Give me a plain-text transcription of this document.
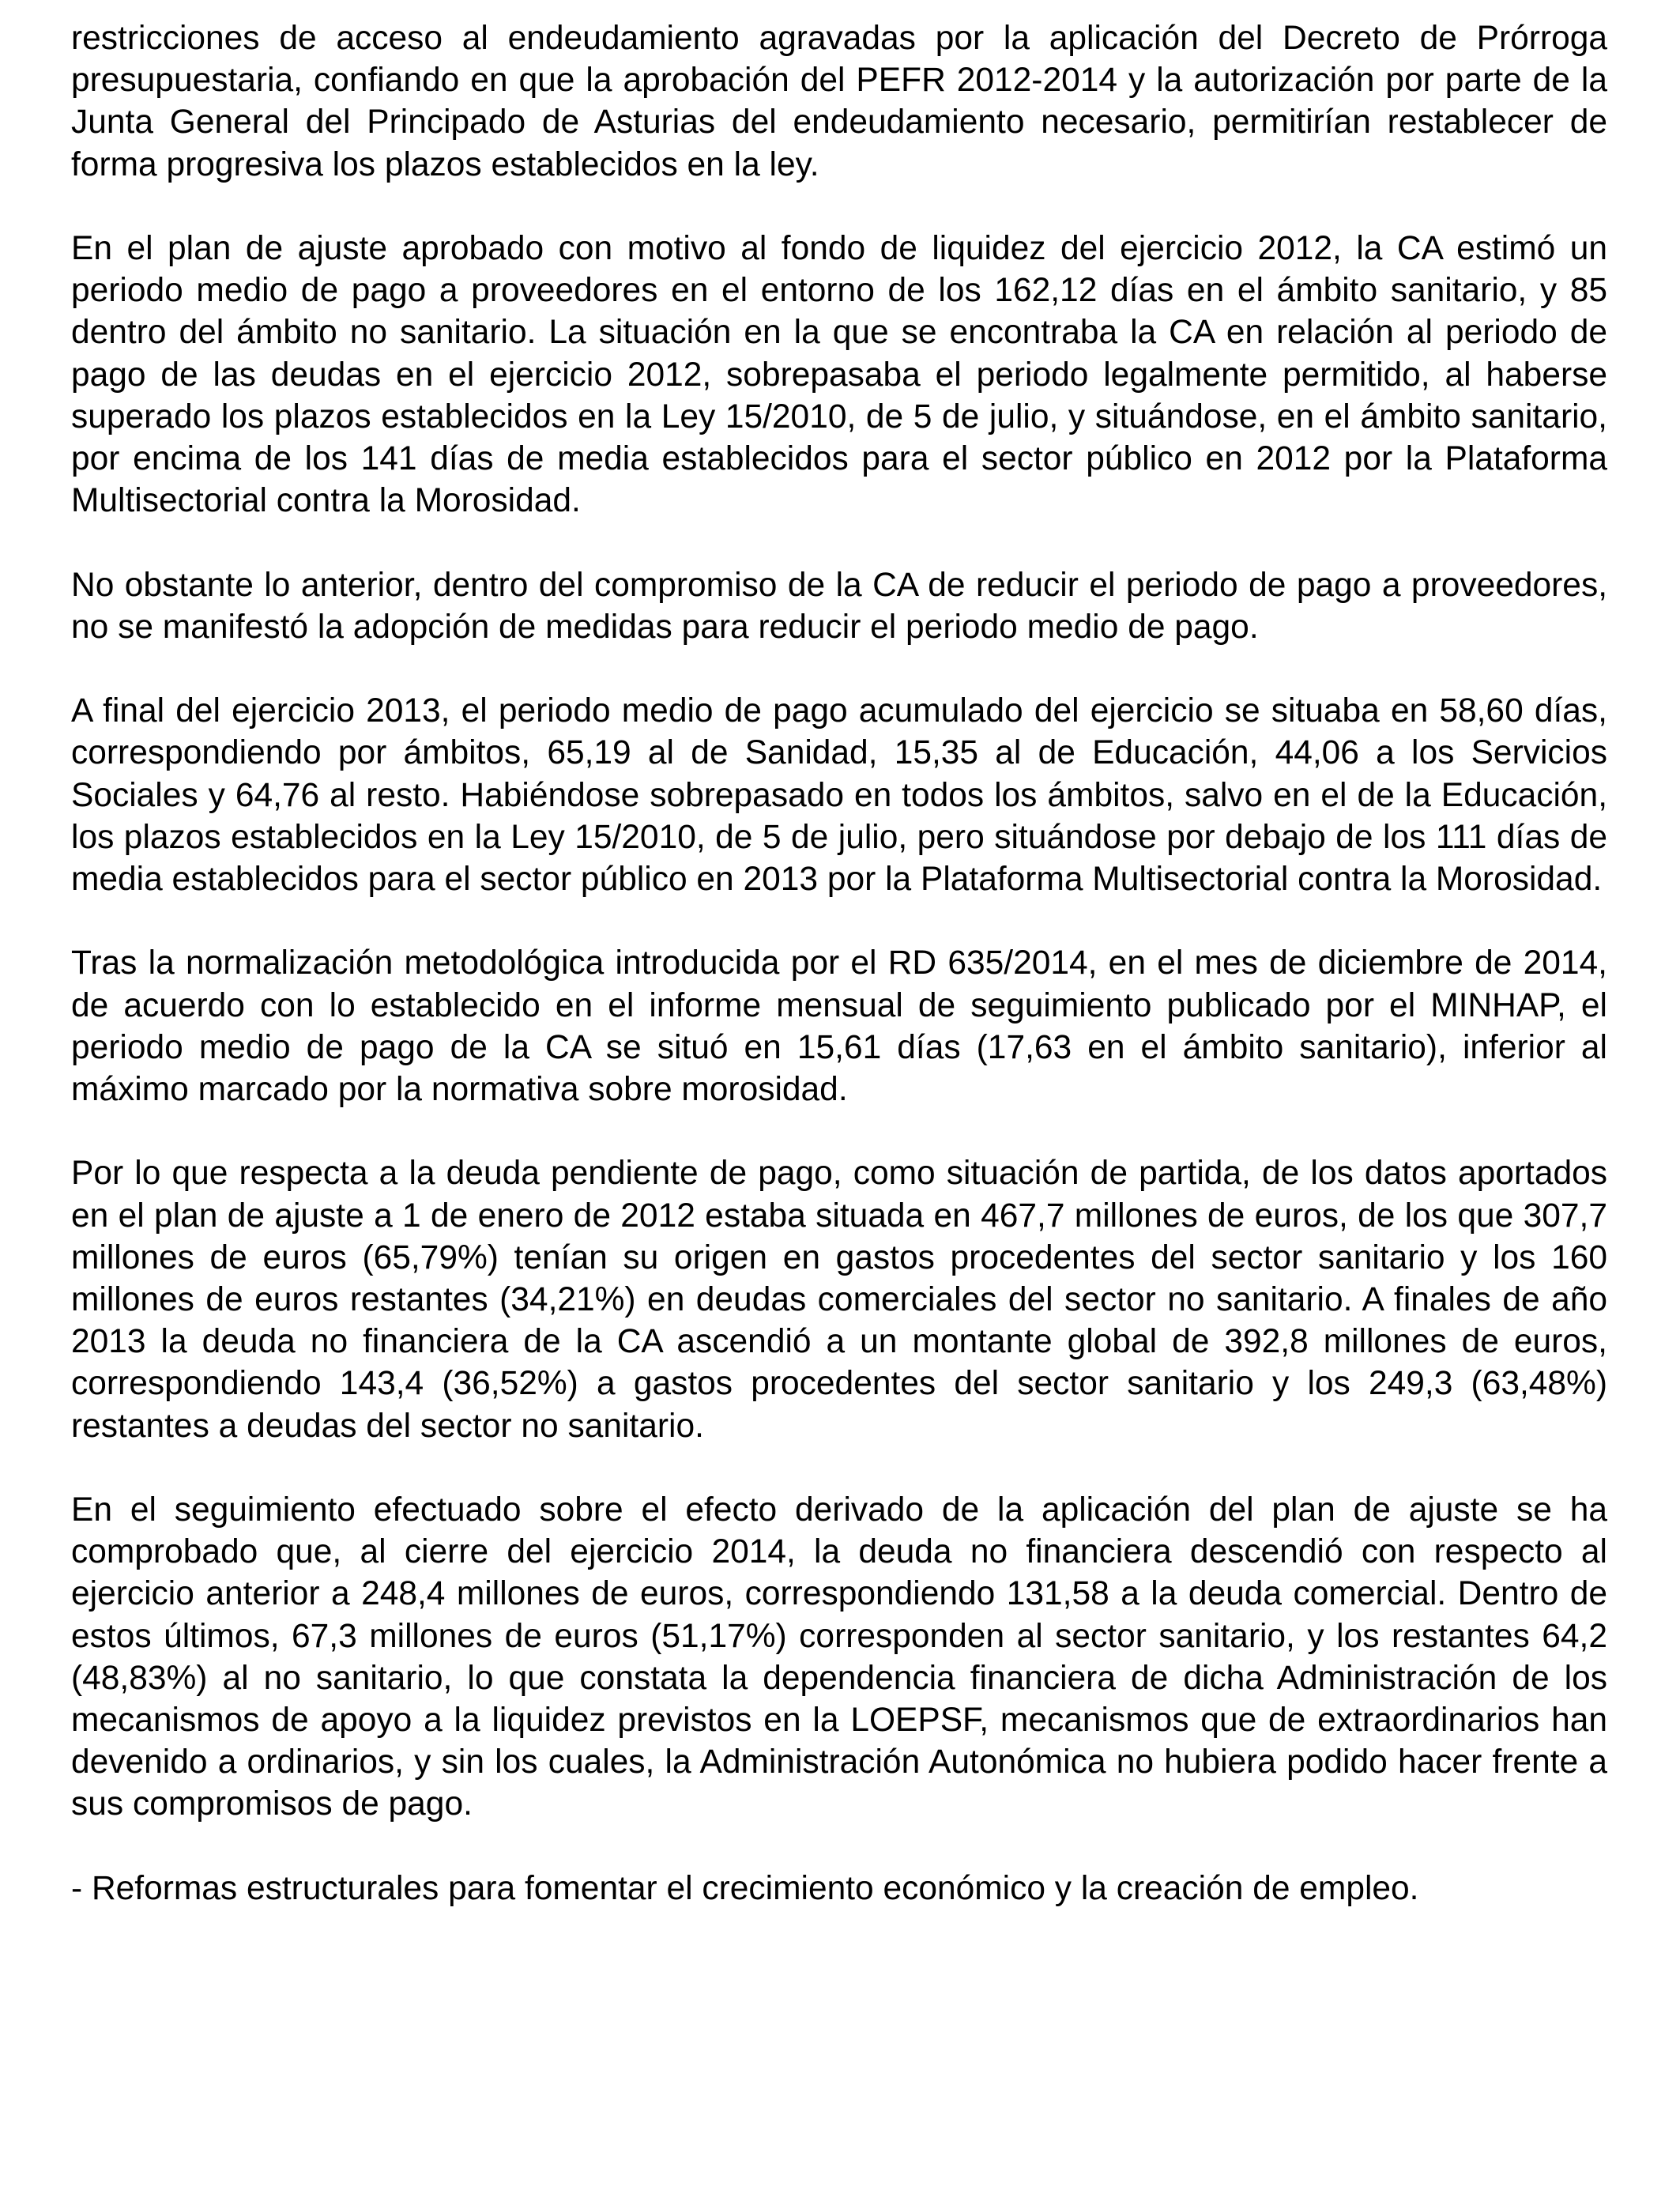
restricciones de acceso al endeudamiento agravadas por la aplicación del Decreto de Prórroga presupuestaria, confiando en que la aprobación del PEFR 2012-2014 y la autorización por parte de la Junta General del Principado de Asturias del endeudamiento necesario, permitirían restablecer de forma progresiva los plazos establecidos en la ley.

En el plan de ajuste aprobado con motivo al fondo de liquidez del ejercicio 2012, la CA estimó un periodo medio de pago a proveedores en el entorno de los 162,12 días en el ámbito sanitario, y 85 dentro del ámbito no sanitario. La situación en la que se encontraba la CA en relación al periodo de pago de las deudas en el ejercicio 2012, sobrepasaba el periodo legalmente permitido, al haberse superado los plazos establecidos en la Ley 15/2010, de 5 de julio, y situándose, en el ámbito sanitario, por encima de los 141 días de media establecidos para el sector público en 2012 por la Plataforma Multisectorial contra la Morosidad.

No obstante lo anterior, dentro del compromiso de la CA de reducir el periodo de pago a proveedores, no se manifestó la adopción de medidas para reducir el periodo medio de pago.

A final del ejercicio 2013, el periodo medio de pago acumulado del ejercicio se situaba en 58,60 días, correspondiendo por ámbitos, 65,19 al de Sanidad, 15,35 al de Educación, 44,06 a los Servicios Sociales y 64,76 al resto. Habiéndose sobrepasado en todos los ámbitos, salvo en el de la Educación, los plazos establecidos en la Ley 15/2010, de 5 de julio, pero situándose por debajo de los 111 días de media establecidos para el sector público en 2013 por la Plataforma Multisectorial contra la Morosidad.

Tras la normalización metodológica introducida por el RD 635/2014, en el mes de diciembre de 2014, de acuerdo con lo establecido en el informe mensual de seguimiento publicado por el MINHAP, el periodo medio de pago de la CA se situó en 15,61 días (17,63 en el ámbito sanitario), inferior al máximo marcado por la normativa sobre morosidad.

Por lo que respecta a la deuda pendiente de pago, como situación de partida, de los datos aportados en el plan de ajuste a 1 de enero de 2012 estaba situada en 467,7 millones de euros, de los que 307,7 millones de euros (65,79%) tenían su origen en gastos procedentes del sector sanitario y los 160 millones de euros restantes (34,21%) en deudas comerciales del sector no sanitario. A finales de año 2013 la deuda no financiera de la CA ascendió a un montante global de 392,8 millones de euros, correspondiendo 143,4 (36,52%) a gastos procedentes del sector sanitario y los 249,3 (63,48%) restantes a deudas del sector no sanitario.

En el seguimiento efectuado sobre el efecto derivado de la aplicación del plan de ajuste se ha comprobado que, al cierre del ejercicio 2014, la deuda no financiera descendió con respecto al ejercicio anterior a 248,4 millones de euros, correspondiendo 131,58 a la deuda comercial. Dentro de estos últimos, 67,3 millones de euros (51,17%) corresponden al sector sanitario, y los restantes 64,2 (48,83%) al no sanitario, lo que constata la dependencia financiera de dicha Administración de los mecanismos de apoyo a la liquidez previstos en la LOEPSF, mecanismos que de extraordinarios han devenido a ordinarios, y sin los cuales, la Administración Autonómica no hubiera podido hacer frente a sus compromisos de pago.

- Reformas estructurales para fomentar el crecimiento económico y la creación de empleo.
